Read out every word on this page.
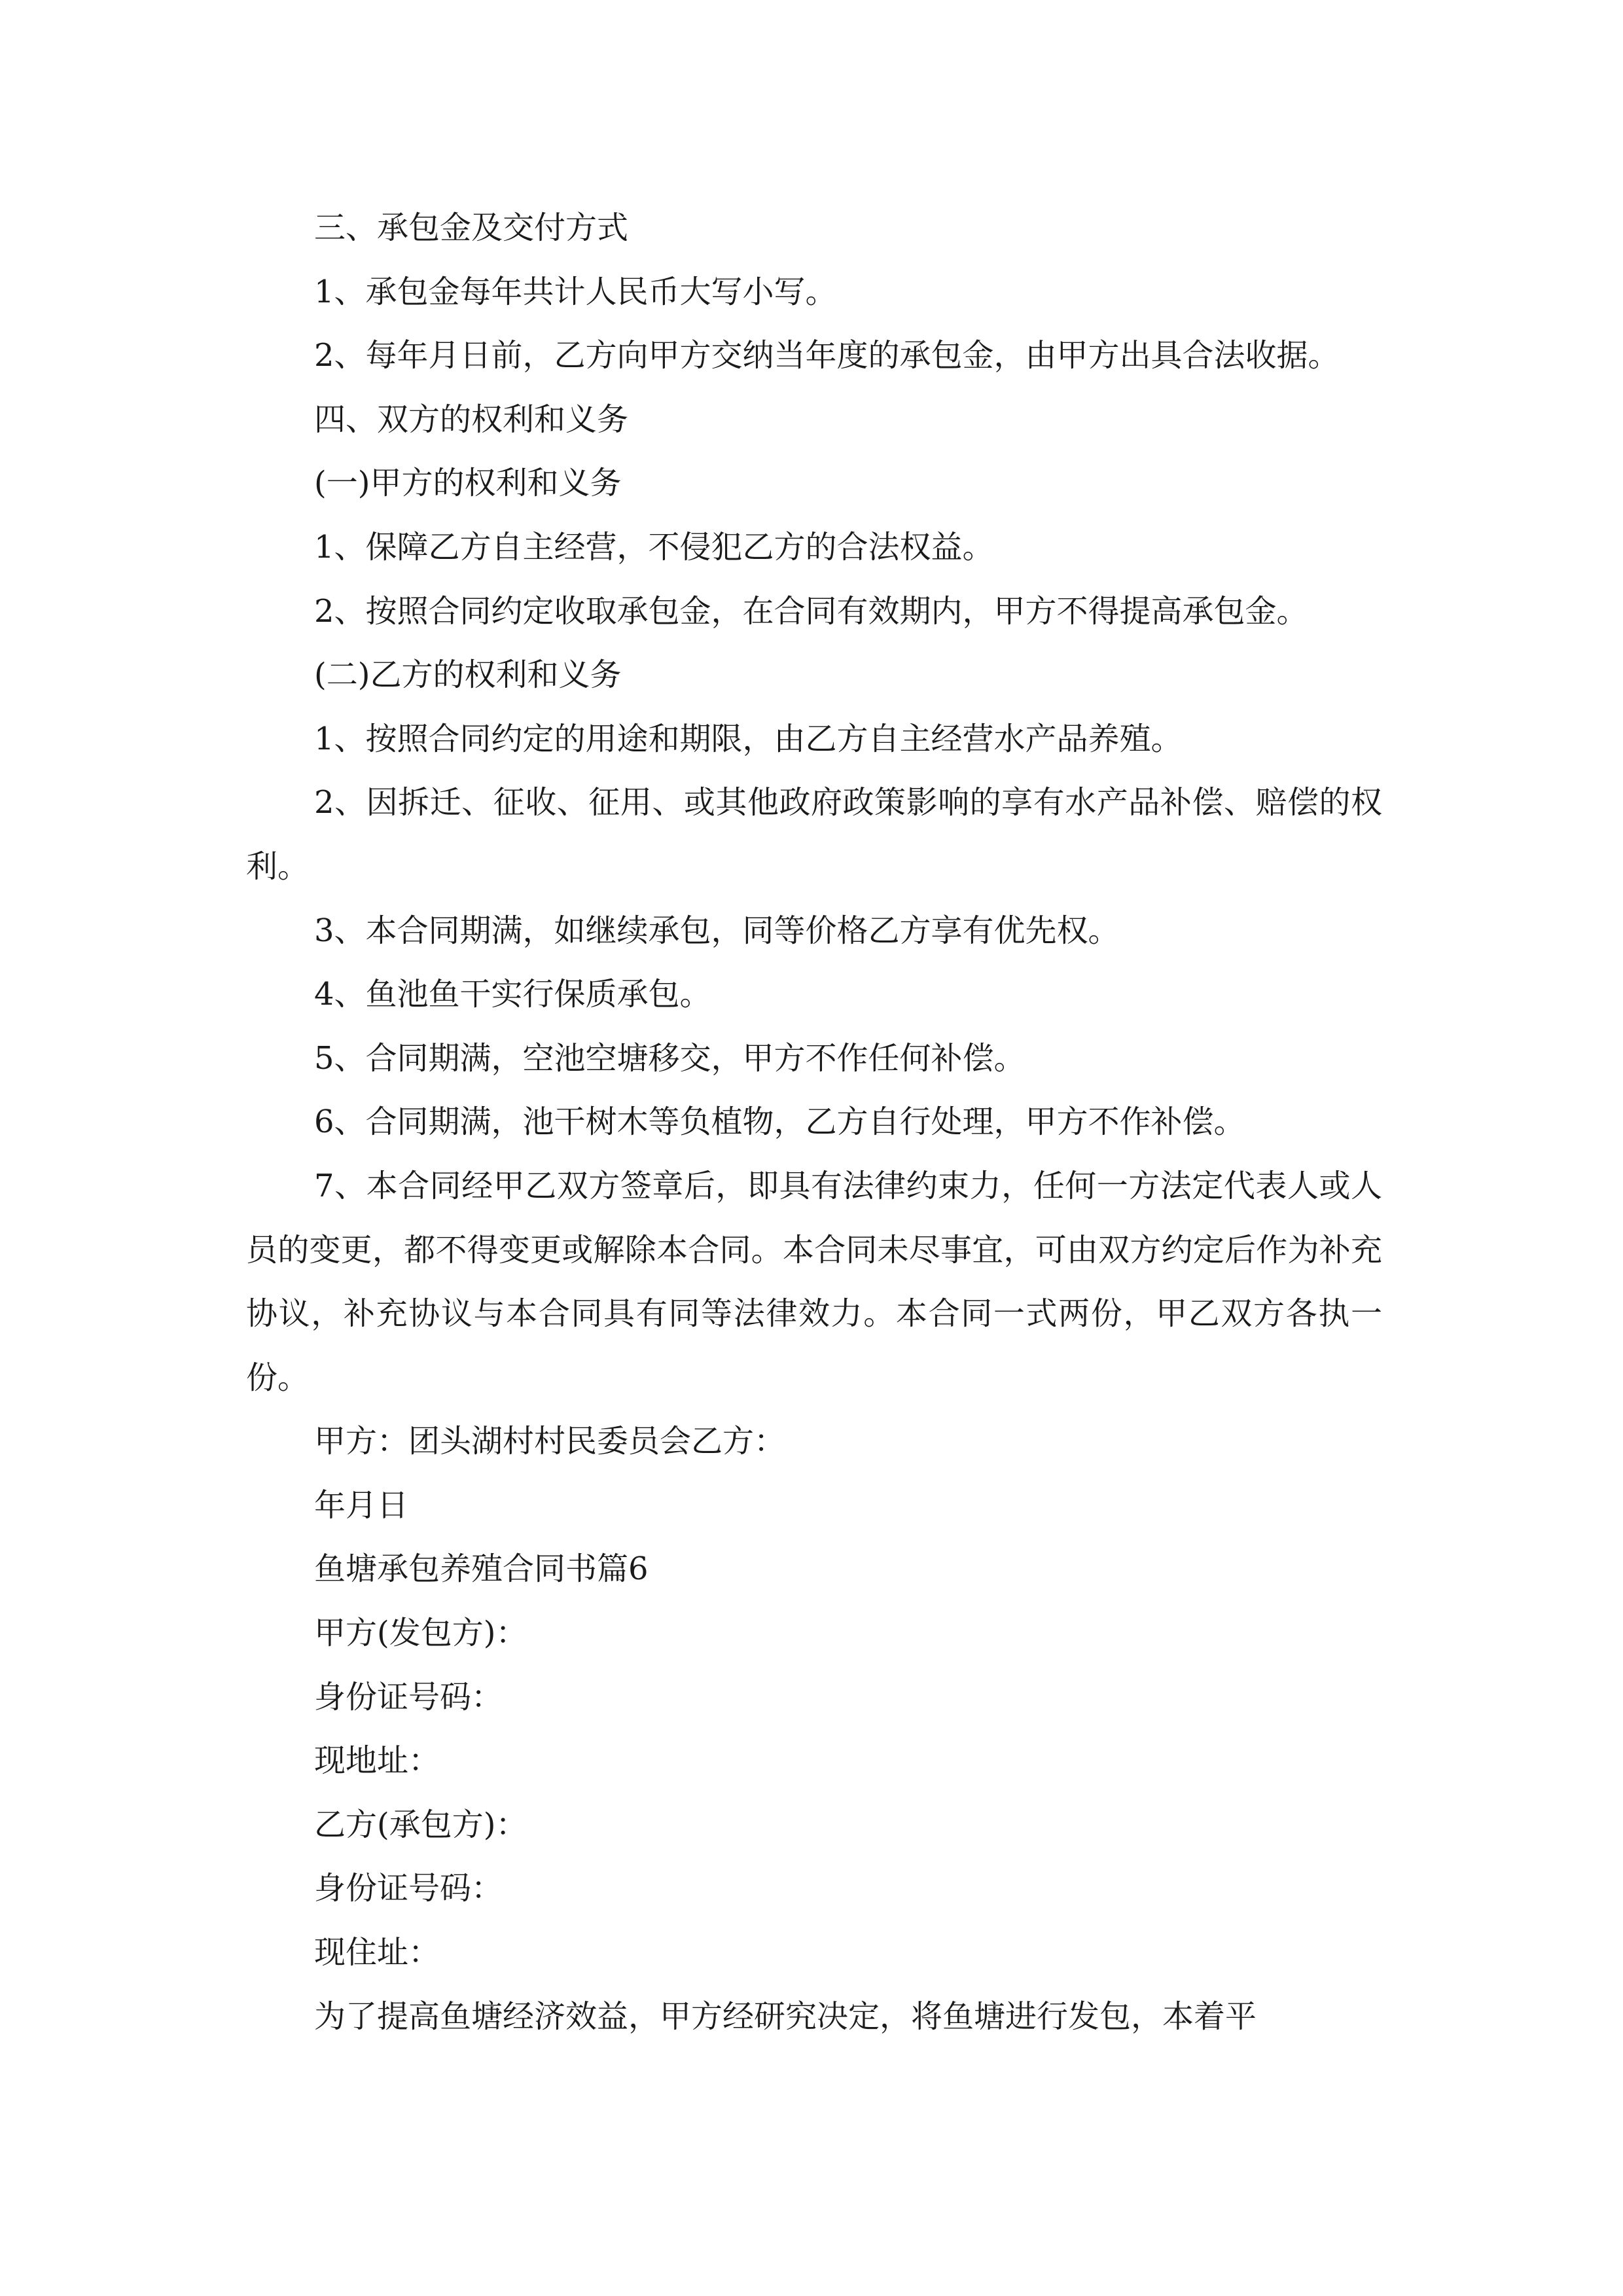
三、承包金及交付方式

1、承包金每年共计人民币大写小写。

2、每年月日前，乙方向甲方交纳当年度的承包金，由甲方出具合法收据。

四、双方的权利和义务

(一)甲方的权利和义务

1、保障乙方自主经营，不侵犯乙方的合法权益。

2、按照合同约定收取承包金，在合同有效期内，甲方不得提高承包金。

(二)乙方的权利和义务

1、按照合同约定的用途和期限，由乙方自主经营水产品养殖。

2、因拆迁、征收、征用、或其他政府政策影响的享有水产品补偿、赔偿的权利。

3、本合同期满，如继续承包，同等价格乙方享有优先权。

4、鱼池鱼干实行保质承包。

5、合同期满，空池空塘移交，甲方不作任何补偿。

6、合同期满，池干树木等负植物，乙方自行处理，甲方不作补偿。

7、本合同经甲乙双方签章后，即具有法律约束力，任何一方法定代表人或人员的变更，都不得变更或解除本合同。本合同未尽事宜，可由双方约定后作为补充协议，补充协议与本合同具有同等法律效力。本合同一式两份，甲乙双方各执一份。

甲方：团头湖村村民委员会乙方：

年月日

鱼塘承包养殖合同书篇6

甲方(发包方)：

身份证号码：

现地址：

乙方(承包方)：

身份证号码：

现住址：

为了提高鱼塘经济效益，甲方经研究决定，将鱼塘进行发包，本着平
